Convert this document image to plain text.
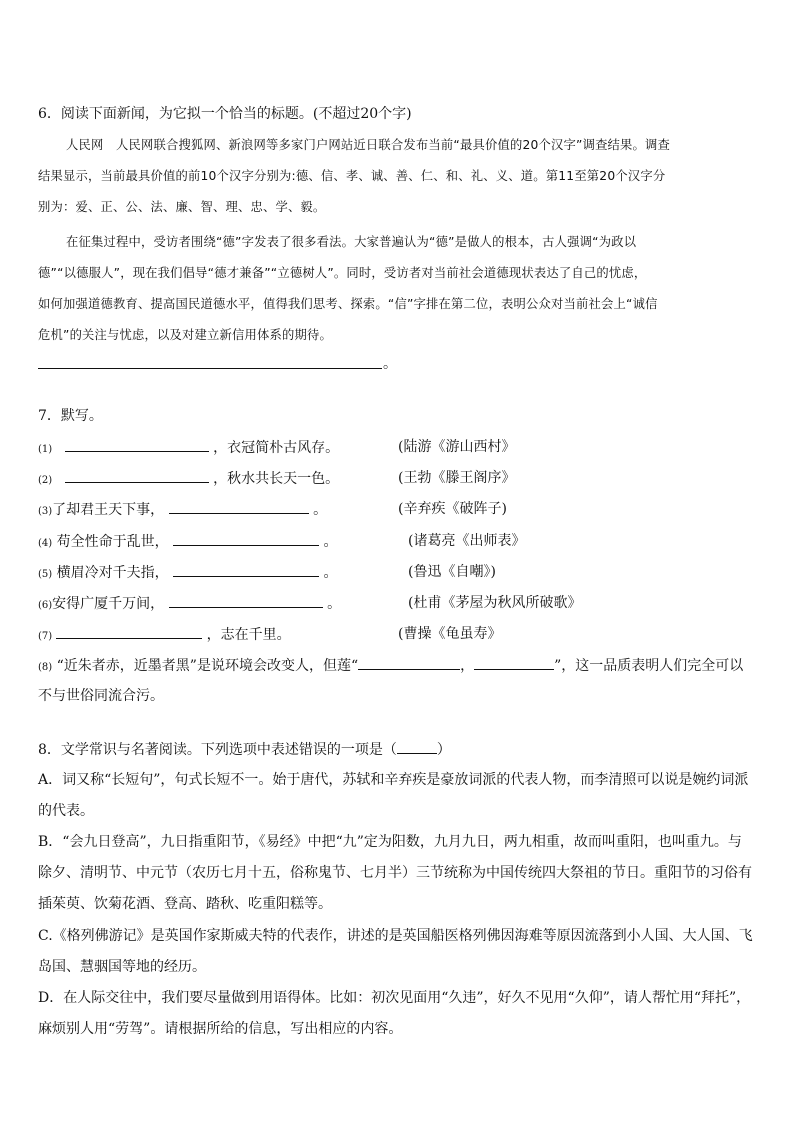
6．阅读下面新闻，为它拟一个恰当的标题。(不超过20个字)
人民网　人民网联合搜狐网、新浪网等多家门户网站近日联合发布当前“最具价值的20个汉字”调查结果。调查
结果显示，当前最具价值的前10个汉字分别为:德、信、孝、诚、善、仁、和、礼、义、道。第11至第20个汉字分
别为：爱、正、公、法、廉、智、理、忠、学、毅。
在征集过程中，受访者围绕“德”字发表了很多看法。大家普遍认为“德”是做人的根本，古人强调“为政以
德”“以德服人”，现在我们倡导“德才兼备”“立德树人”。同时，受访者对当前社会道德现状表达了自己的忧虑，
如何加强道德教育、提高国民道德水平，值得我们思考、探索。“信”字排在第二位，表明公众对当前社会上“诚信
危机”的关注与忧虑，以及对建立新信用体系的期待。
。
7．默写。
(1)	，衣冠简朴古风存。	(陆游《游山西村》
(2)	，秋水共长天一色。	(王勃《滕王阁序》
(3)了却君王天下事，	。	(辛弃疾《破阵子)
(4) 苟全性命于乱世，	。	(诸葛亮《出师表》
(5) 横眉冷对千夫指，	。	(鲁迅《自嘲》)
(6)安得广厦千万间，	。	(杜甫《茅屋为秋风所破歌》
(7)	，志在千里。	(曹操《龟虽寿》
(8) “近朱者赤，近墨者黑”是说环境会改变人，但莲“	，	”，这一品质表明人们完全可以
不与世俗同流合污。
8．文学常识与名著阅读。下列选项中表述错误的一项是（	）
A．词又称“长短句”，句式长短不一。始于唐代，苏轼和辛弃疾是豪放词派的代表人物，而李清照可以说是婉约词派
的代表。
B．“会九日登高”，九日指重阳节，《易经》中把“九”定为阳数，九月九日，两九相重，故而叫重阳，也叫重九。与
除夕、清明节、中元节（农历七月十五，俗称鬼节、七月半）三节统称为中国传统四大祭祖的节日。重阳节的习俗有
插茱萸、饮菊花酒、登高、踏秋、吃重阳糕等。
C.《格列佛游记》是英国作家斯威夫特的代表作，讲述的是英国船医格列佛因海难等原因流落到小人国、大人国、飞
岛国、慧骃国等地的经历。
D．在人际交往中，我们要尽量做到用语得体。比如：初次见面用“久违”，好久不见用“久仰”，请人帮忙用“拜托”，
麻烦别人用“劳驾”。请根据所给的信息，写出相应的内容。
